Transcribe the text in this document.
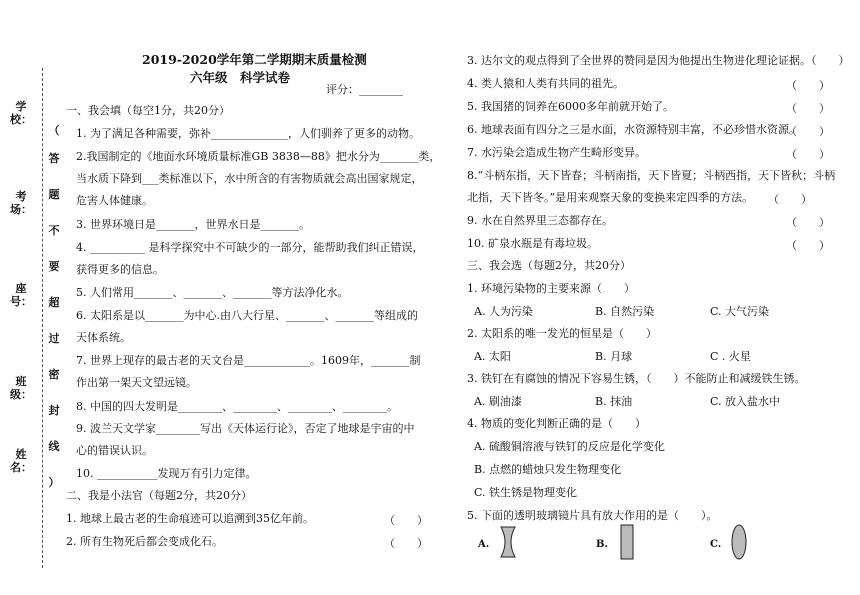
学校：
考场：
座号：
班级：
姓名：
（
答
题
不
要
超
过
密
封
线
）
2019-2020学年第二学期期末质量检测
六年级　科学试卷
评分：________
一、我会填（每空1分，共20分）
1. 为了满足各种需要，弥补______________，人们驯养了更多的动物。
2.我国制定的《地面水环境质量标准GB 3838—88》把水分为_______类，
当水质下降到___类标准以下，水中所含的有害物质就会高出国家规定，
危害人体健康。
3. 世界环境日是_______，世界水日是_______。
4. __________ 是科学探究中不可缺少的一部分，能帮助我们纠正错误，
获得更多的信息。
5. 人们常用_______、_______、_______等方法净化水。
6. 太阳系是以_______为中心.由八大行星、_______、_______等组成的
天体系统。
7. 世界上现存的最古老的天文台是____________。1609年，_______制
作出第一架天文望远镜。
8. 中国的四大发明是________、________、________、________。
9. 波兰天文学家________写出《天体运行论》，否定了地球是宇宙的中
心的错误认识。
10. ___________发现万有引力定律。
二、我是小法官（每题2分，共20分）
1. 地球上最古老的生命痕迹可以追溯到35亿年前。	（　　）
2. 所有生物死后都会变成化石。	（　　）
3. 达尔文的观点得到了全世界的赞同是因为他提出生物进化理论证据。（　　）
4. 类人猿和人类有共同的祖先。	（　　）
5. 我国猪的饲养在6000多年前就开始了。	（　　）
6. 地球表面有四分之三是水面，水资源特别丰富，不必珍惜水资源。
（　　）
7. 水污染会造成生物产生畸形变异。	（　　）
8.“斗柄东指，天下皆春；斗柄南指，天下皆夏；斗柄西指，天下皆秋；斗柄
北指，天下皆冬。”是用来观察天象的变换来定四季的方法。 （　　）
9. 水在自然界里三态都存在。	（　　）
10. 矿泉水瓶是有毒垃圾。	（　　）
三、我会选（每题2分，共20分）
1. 环境污染物的主要来源（　　）
A. 人为污染	B. 自然污染	C. 大气污染
2. 太阳系的唯一发光的恒星是（　　）
A. 太阳	B. 月球	C . 火星
3. 铁钉在有腐蚀的情况下容易生锈，（　　）不能防止和减缓铁生锈。
A. 刷油漆	B. 抹油	C. 放入盐水中
4. 物质的变化判断正确的是（　　）
A. 硫酸铜溶液与铁钉的反应是化学变化
B. 点燃的蜡烛只发生物理变化
C. 铁生锈是物理变化
5. 下面的透明玻璃镜片具有放大作用的是（　　）。
A.	B.	C.
